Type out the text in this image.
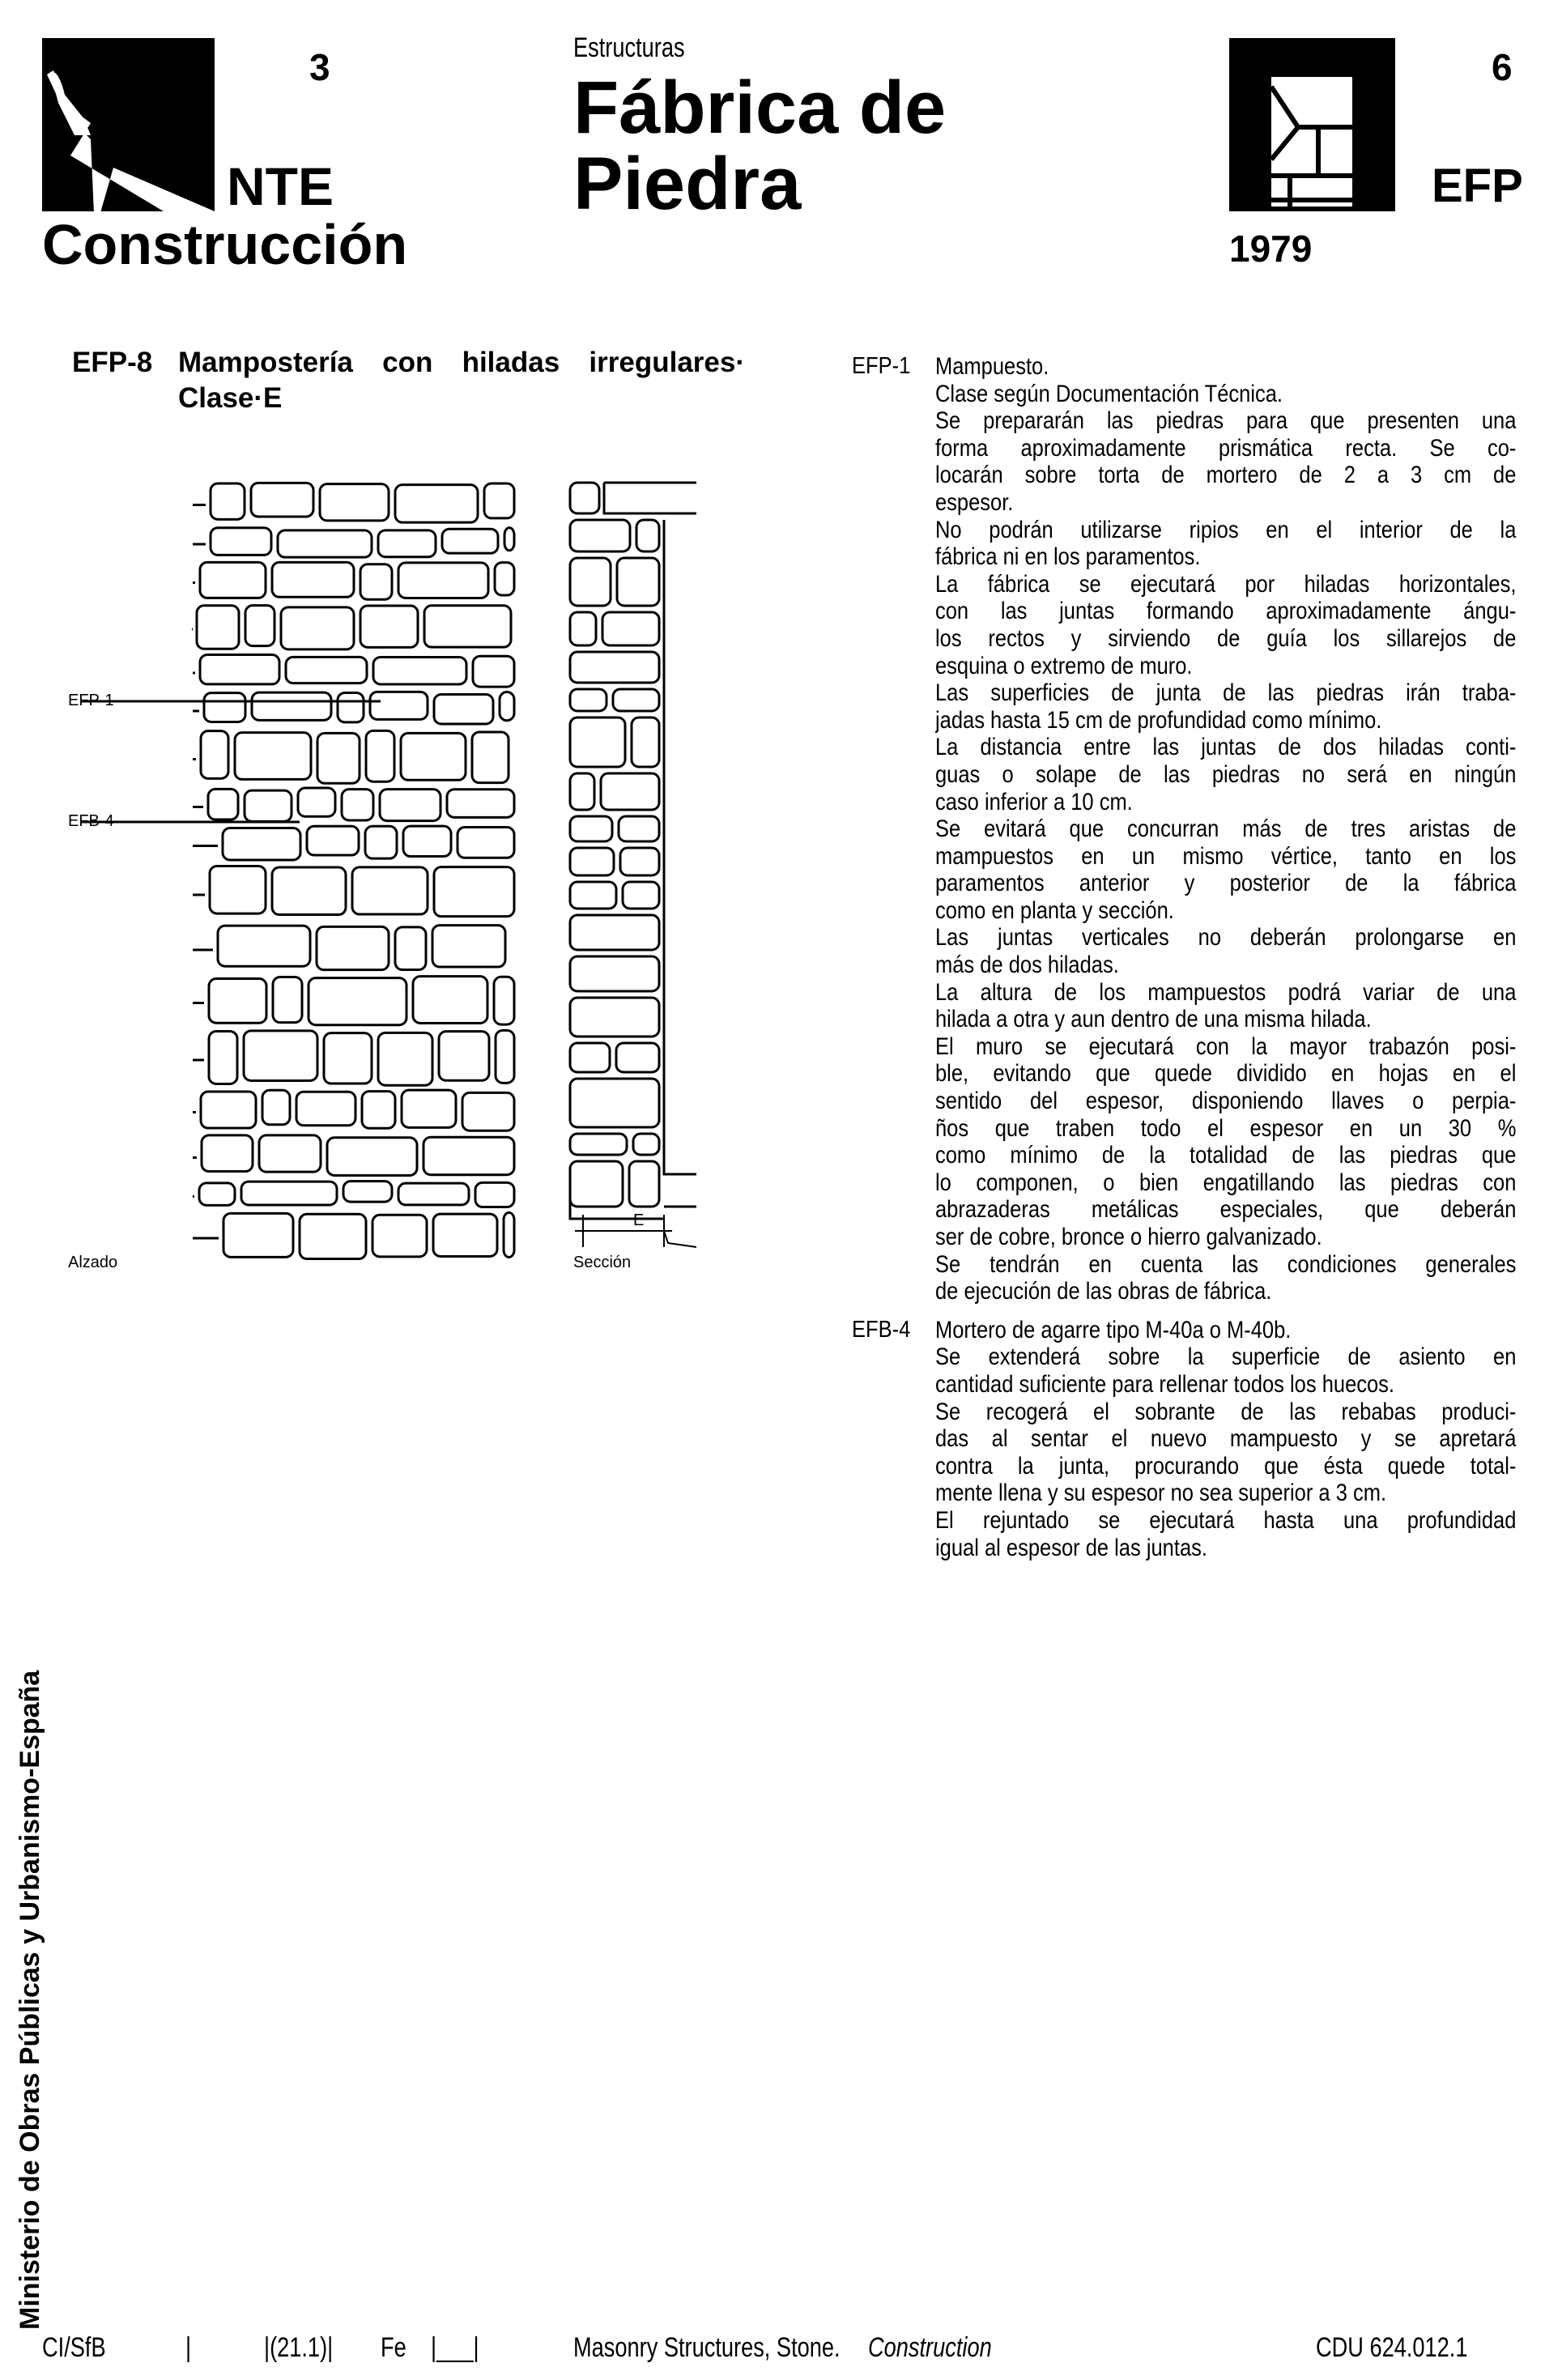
3
NTE
Construcción
Estructuras
Fábrica de
Piedra
6
EFP
1979
EFP-8 Mampostería con hiladas irregulares·
Clase·E
EFP-1
EFB-4
Alzado	Sección
E
EFP-1 Mampuesto.
Clase según Documentación Técnica.
Se prepararán las piedras para que presenten una
forma aproximadamente prismática recta. Se co-
locarán sobre torta de mortero de 2 a 3 cm de
espesor.
No podrán utilizarse ripios en el interior de la
fábrica ni en los paramentos.
La fábrica se ejecutará por hiladas horizontales,
con las juntas formando aproximadamente ángu-
los rectos y sirviendo de guía los sillarejos de
esquina o extremo de muro.
Las superficies de junta de las piedras irán traba-
jadas hasta 15 cm de profundidad como mínimo.
La distancia entre las juntas de dos hiladas conti-
guas o solape de las piedras no será en ningún
caso inferior a 10 cm.
Se evitará que concurran más de tres aristas de
mampuestos en un mismo vértice, tanto en los
paramentos anterior y posterior de la fábrica
como en planta y sección.
Las juntas verticales no deberán prolongarse en
más de dos hiladas.
La altura de los mampuestos podrá variar de una
hilada a otra y aun dentro de una misma hilada.
El muro se ejecutará con la mayor trabazón posi-
ble, evitando que quede dividido en hojas en el
sentido del espesor, disponiendo llaves o perpia-
ños que traben todo el espesor en un 30 %
como mínimo de la totalidad de las piedras que
lo componen, o bien engatillando las piedras con
abrazaderas metálicas especiales, que deberán
ser de cobre, bronce o hierro galvanizado.
Se tendrán en cuenta las condiciones generales
de ejecución de las obras de fábrica.
EFB-4 Mortero de agarre tipo M-40a o M-40b.
Se extenderá sobre la superficie de asiento en
cantidad suficiente para rellenar todos los huecos.
Se recogerá el sobrante de las rebabas produci-
das al sentar el nuevo mampuesto y se apretará
contra la junta, procurando que ésta quede total-
mente llena y su espesor no sea superior a 3 cm.
El rejuntado se ejecutará hasta una profundidad
igual al espesor de las juntas.
Ministerio de Obras Públicas y Urbanismo-España
CI/SfB	|	|(21.1)| Fe |___|	Masonry Structures, Stone. Construction	CDU 624.012.1
